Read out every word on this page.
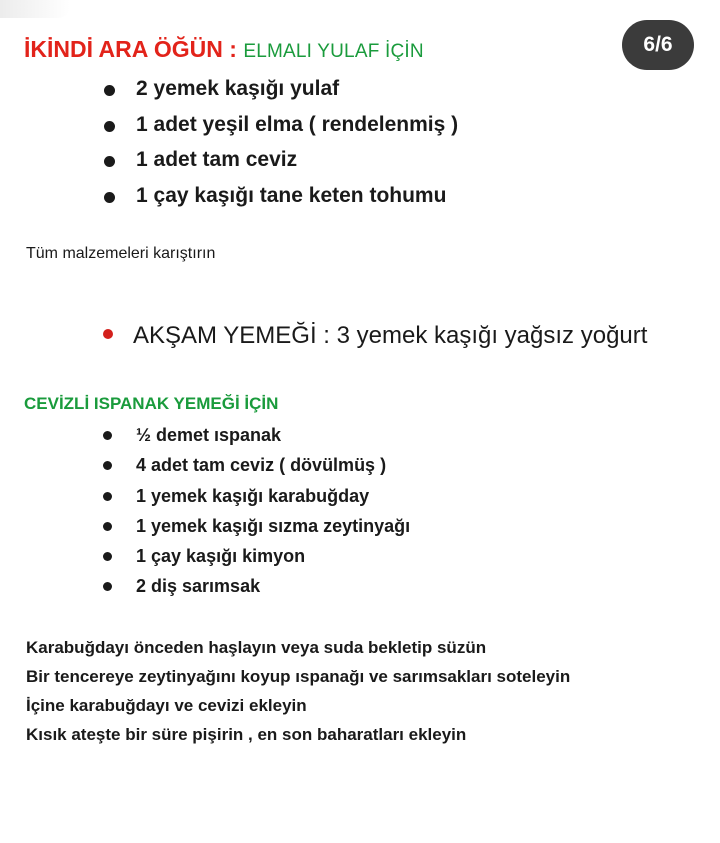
İKİNDİ ARA ÖĞÜN : ELMALI YULAF İÇİN	6/6
2 yemek kaşığı yulaf
1 adet yeşil elma ( rendelenmiş )
1 adet tam ceviz
1 çay kaşığı tane keten tohumu
Tüm malzemeleri karıştırın
AKŞAM YEMEĞİ : 3 yemek kaşığı yağsız yoğurt
CEVİZLİ ISPANAK YEMEĞİ İÇİN
½ demet ıspanak
4 adet tam ceviz ( dövülmüş )
1 yemek kaşığı karabuğday
1 yemek kaşığı sızma zeytinyağı
1 çay kaşığı kimyon
2 diş sarımsak
Karabuğdayı önceden haşlayın veya suda bekletip süzün
Bir tencereye zeytinyağını koyup ıspanağı ve sarımsakları soteleyin
İçine karabuğdayı ve cevizi ekleyin
Kısık ateşte bir süre pişirin , en son baharatları ekleyin
